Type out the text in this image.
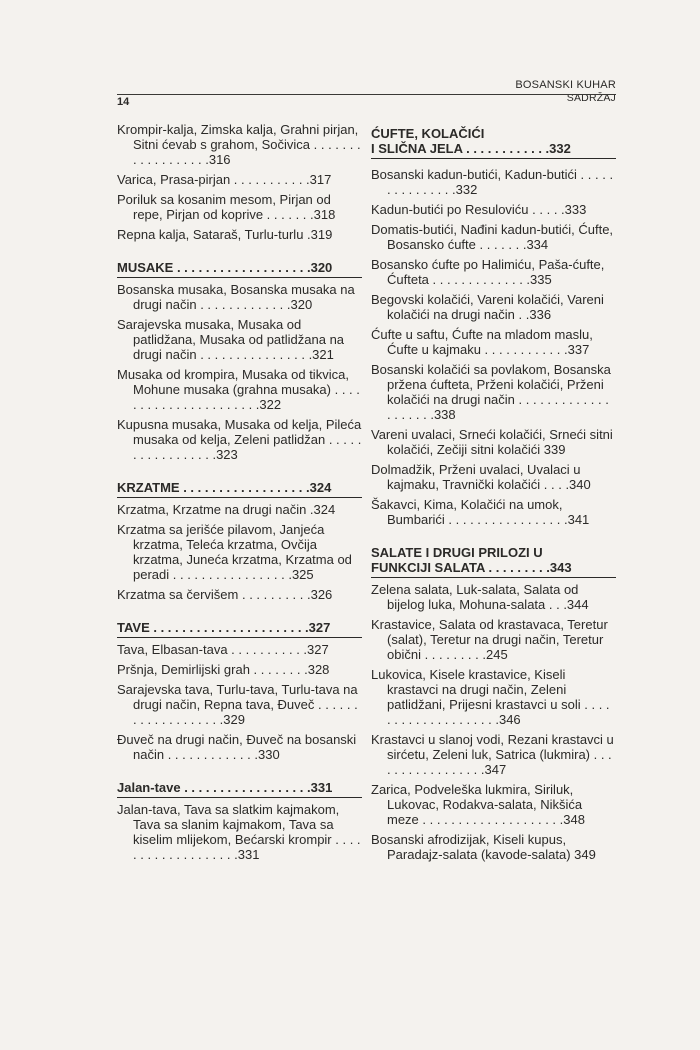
BOSANSKI KUHAR
SADRŽAJ
14
Krompir-kalja, Zimska kalja, Grahni pirjan, Sitni ćevab s grahom, Sočivica . . . . . . . . . . . . . . . . . .316
Varica, Prasa-pirjan . . . . . . . . . . .317
Poriluk sa kosanim mesom, Pirjan od repe, Pirjan od koprive . . . . . . .318
Repna kalja, Sataraš, Turlu-turlu .319
MUSAKE . . . . . . . . . . . . . . . . . . .320
Bosanska musaka, Bosanska musaka na drugi način . . . . . . . . . . . . .320
Sarajevska musaka, Musaka od patlidžana, Musaka od patlidžana na drugi način . . . . . . . . . . . . . . . .321
Musaka od krompira, Musaka od tikvica, Mohune musaka (grahna musaka) . . . . . . . . . . . . . . . . . . . . . .322
Kupusna musaka, Musaka od kelja, Pileća musaka od kelja, Zeleni patlidžan . . . . . . . . . . . . . . . . .323
KRZATME . . . . . . . . . . . . . . . . . .324
Krzatma, Krzatme na drugi način .324
Krzatma sa jerišće pilavom, Janjeća krzatma, Teleća krzatma, Ovčija krzatma, Juneća krzatma, Krzatma od peradi . . . . . . . . . . . . . . . . .325
Krzatma sa červišem . . . . . . . . . .326
TAVE . . . . . . . . . . . . . . . . . . . . . .327
Tava, Elbasan-tava . . . . . . . . . . .327
Pršnja, Demirlijski grah . . . . . . . .328
Sarajevska tava, Turlu-tava, Turlu-tava na drugi način, Repna tava, Đuveč . . . . . . . . . . . . . . . . . . .329
Đuveč na drugi način, Đuveč na bosanski način . . . . . . . . . . . . .330
Jalan-tave . . . . . . . . . . . . . . . . . .331
Jalan-tava, Tava sa slatkim kajmakom, Tava sa slanim kajmakom, Tava sa kiselim mlijekom, Bećarski krompir . . . . . . . . . . . . . . . . . . .331
ĆUFTE, KOLAČIĆI
I SLIČNA JELA . . . . . . . . . . . .332
Bosanski kadun-butići, Kadun-butići . . . . . . . . . . . . . . .332
Kadun-butići po Resuloviću . . . . .333
Domatis-butići, Nađini kadun-butići, Ćufte, Bosansko ćufte . . . . . . .334
Bosansko ćufte po Halimiću, Paša-ćufte, Ćufteta . . . . . . . . . . . . . .335
Begovski kolačići, Vareni kolačići, Vareni kolačići na drugi način . .336
Ćufte u saftu, Ćufte na mladom maslu, Ćufte u kajmaku . . . . . . . . . . . .337
Bosanski kolačići sa povlakom, Bosanska pržena ćufteta, Prženi kolačići, Prženi kolačići na drugi način . . . . . . . . . . . . . . . . . . . .338
Vareni uvalaci, Srneći kolačići, Srneći sitni kolačići, Zečiji sitni kolačići 339
Dolmadžik, Prženi uvalaci, Uvalaci u kajmaku, Travnički kolačići . . . .340
Šakavci, Kima, Kolačići na umok, Bumbarići . . . . . . . . . . . . . . . . .341
SALATE I DRUGI PRILOZI U
FUNKCIJI SALATA . . . . . . . . .343
Zelena salata, Luk-salata, Salata od bijelog luka, Mohuna-salata . . .344
Krastavice, Salata od krastavaca, Teretur (salat), Teretur na drugi način, Teretur obični . . . . . . . . .245
Lukovica, Kisele krastavice, Kiseli krastavci na drugi način, Zeleni patlidžani, Prijesni krastavci u soli . . . . . . . . . . . . . . . . . . . .346
Krastavci u slanoj vodi, Rezani krastavci u sirćetu, Zeleni luk, Satrica (lukmira) . . . . . . . . . . . . . . . . .347
Zarica, Podveleška lukmira, Siriluk, Lukovac, Rodakva-salata, Nikšića meze . . . . . . . . . . . . . . . . . . . .348
Bosanski afrodizijak, Kiseli kupus, Paradajz-salata (kavode-salata) 349
